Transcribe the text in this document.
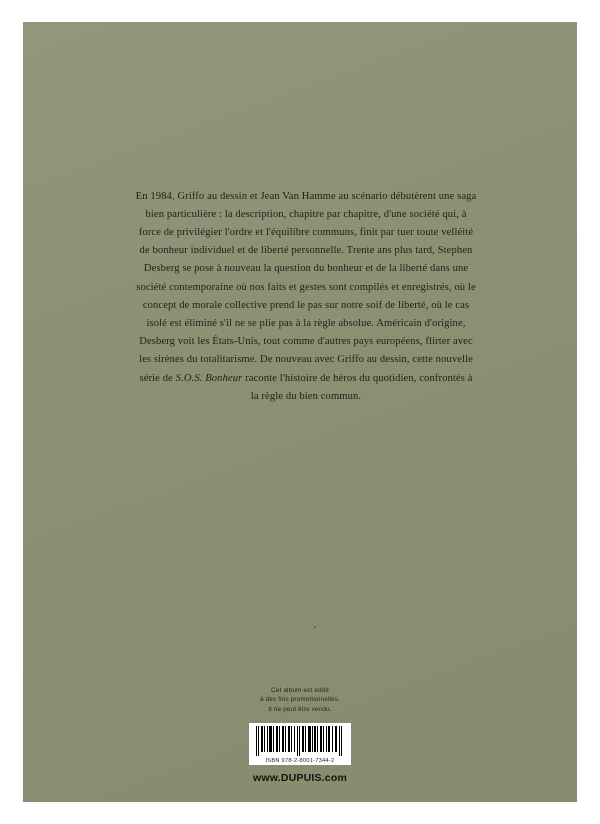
En 1984, Griffo au dessin et Jean Van Hamme au scénario débutèrent une saga bien particulière : la description, chapitre par chapitre, d'une société qui, à force de privilégier l'ordre et l'équilibre communs, finit par tuer toute velléité de bonheur individuel et de liberté personnelle. Trente ans plus tard, Stephen Desberg se pose à nouveau la question du bonheur et de la liberté dans une société contemporaine où nos faits et gestes sont compilés et enregistrés, où le concept de morale collective prend le pas sur notre soif de liberté, où le cas isolé est éliminé s'il ne se plie pas à la règle absolue. Américain d'origine, Desberg voit les États-Unis, tout comme d'autres pays européens, flirter avec les sirènes du totalitarisme. De nouveau avec Griffo au dessin, cette nouvelle série de S.O.S. Bonheur raconte l'histoire de héros du quotidien, confrontés à la règle du bien commun.

Cet album est édité
à des fins promotionnelles.
Il ne peut être vendu.
ISBN 978-2-8001-7344-2
www.DUPUIS.com
